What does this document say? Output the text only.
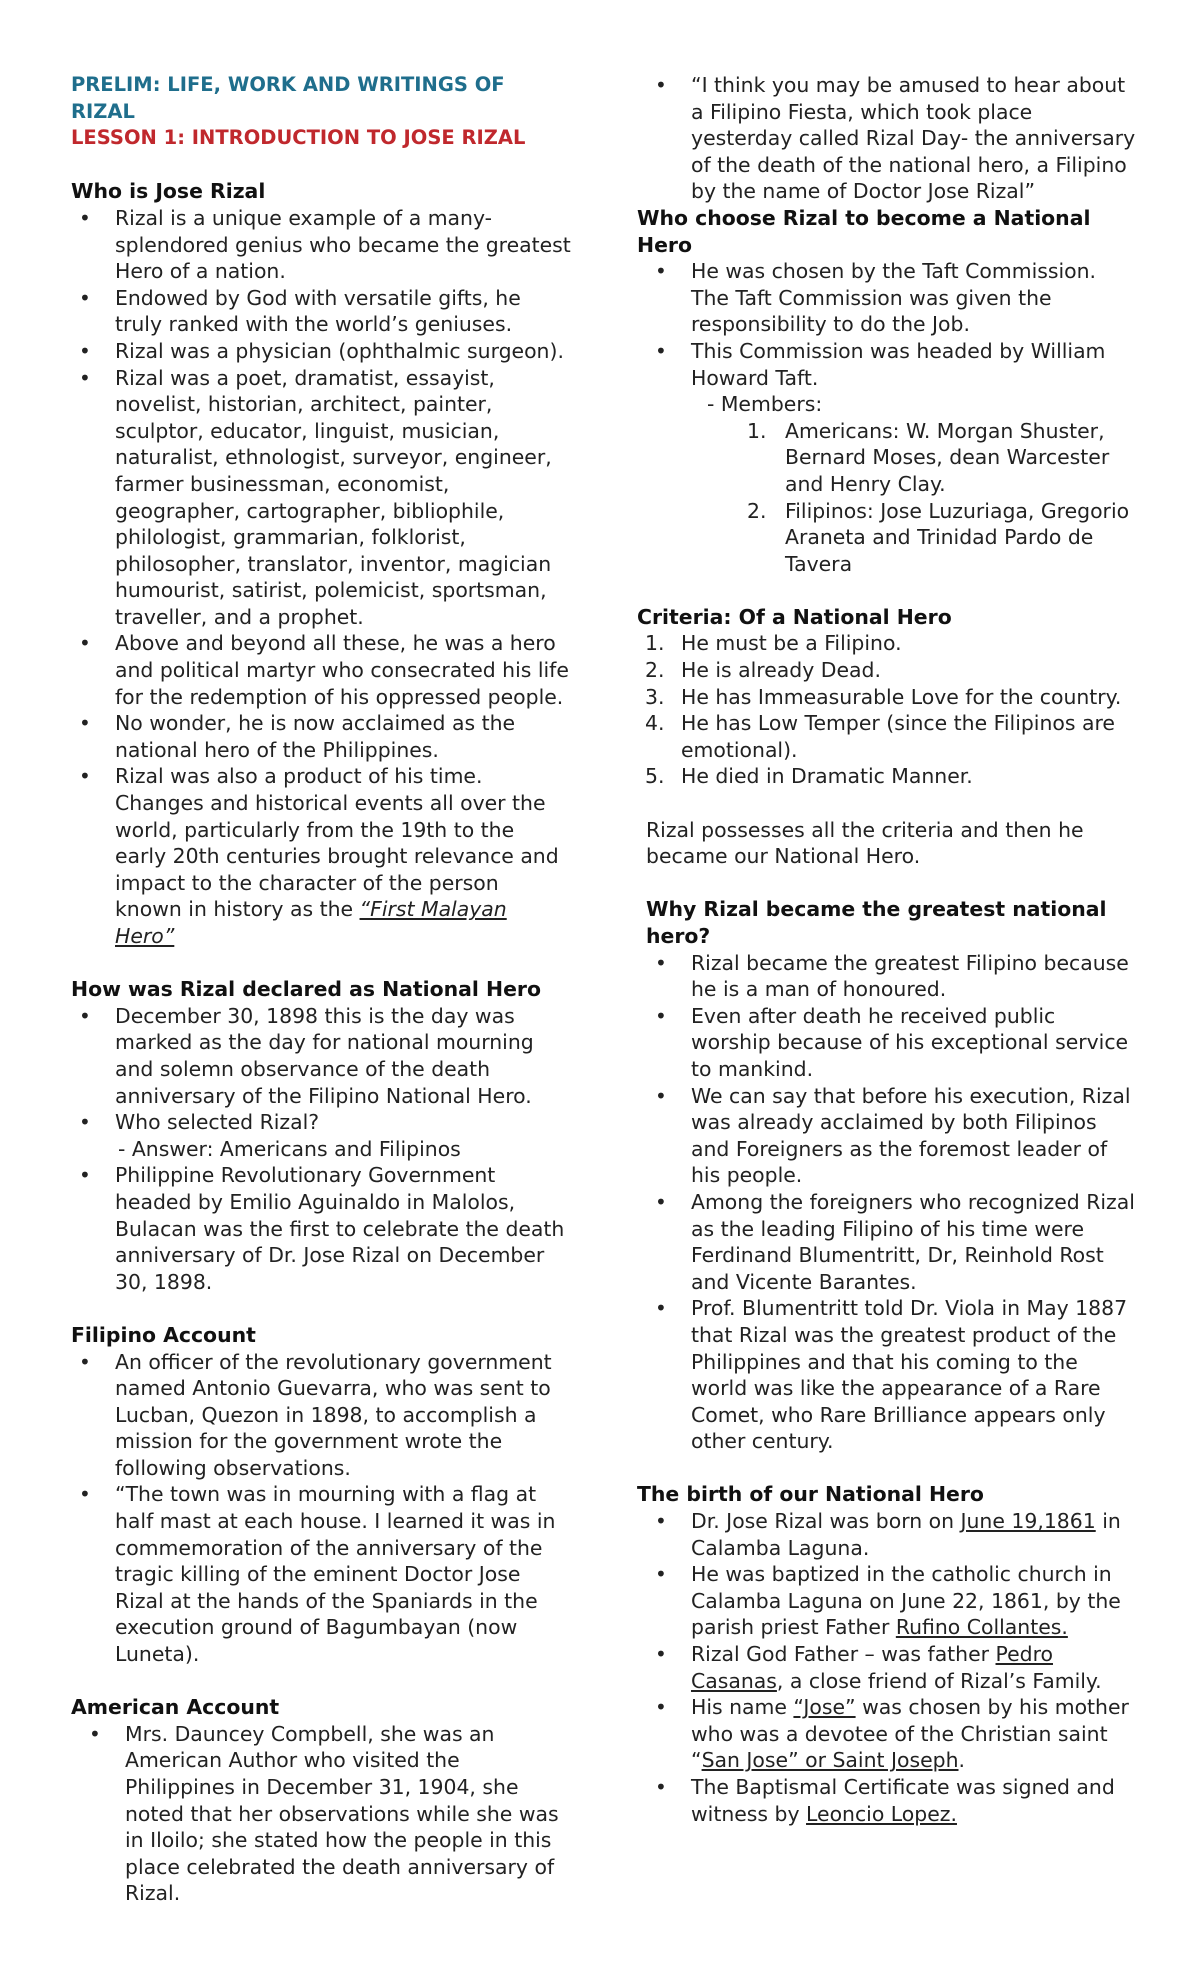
PRELIM: LIFE, WORK AND WRITINGS OF RIZAL
LESSON 1: INTRODUCTION TO JOSE RIZAL
Who is Jose Rizal
• Rizal is a unique example of a many-splendored genius who became the greatest Hero of a nation.
• Endowed by God with versatile gifts, he truly ranked with the world’s geniuses.
• Rizal was a physician (ophthalmic surgeon).
• Rizal was a poet, dramatist, essayist, novelist, historian, architect, painter, sculptor, educator, linguist, musician, naturalist, ethnologist, surveyor, engineer, farmer businessman, economist, geographer, cartographer, bibliophile, philologist, grammarian, folklorist, philosopher, translator, inventor, magician humourist, satirist, polemicist, sportsman, traveller, and a prophet.
• Above and beyond all these, he was a hero and political martyr who consecrated his life for the redemption of his oppressed people.
• No wonder, he is now acclaimed as the national hero of the Philippines.
• Rizal was also a product of his time. Changes and historical events all over the world, particularly from the 19th to the early 20th centuries brought relevance and impact to the character of the person known in history as the “First Malayan Hero”
How was Rizal declared as National Hero
• December 30, 1898 this is the day was marked as the day for national mourning and solemn observance of the death anniversary of the Filipino National Hero.
• Who selected Rizal?
- Answer: Americans and Filipinos
• Philippine Revolutionary Government headed by Emilio Aguinaldo in Malolos, Bulacan was the first to celebrate the death anniversary of Dr. Jose Rizal on December 30, 1898.
Filipino Account
• An officer of the revolutionary government named Antonio Guevarra, who was sent to Lucban, Quezon in 1898, to accomplish a mission for the government wrote the following observations.
• “The town was in mourning with a flag at half mast at each house. I learned it was in commemoration of the anniversary of the tragic killing of the eminent Doctor Jose Rizal at the hands of the Spaniards in the execution ground of Bagumbayan (now Luneta).
American Account
• Mrs. Dauncey Compbell, she was an American Author who visited the Philippines in December 31, 1904, she noted that her observations while she was in Iloilo; she stated how the people in this place celebrated the death anniversary of Rizal.
• “I think you may be amused to hear about a Filipino Fiesta, which took place yesterday called Rizal Day- the anniversary of the death of the national hero, a Filipino by the name of Doctor Jose Rizal”
Who choose Rizal to become a National Hero
• He was chosen by the Taft Commission. The Taft Commission was given the responsibility to do the Job.
• This Commission was headed by William Howard Taft.
- Members:
1. Americans: W. Morgan Shuster, Bernard Moses, dean Warcester and Henry Clay.
2. Filipinos: Jose Luzuriaga, Gregorio Araneta and Trinidad Pardo de Tavera
Criteria: Of a National Hero
1. He must be a Filipino.
2. He is already Dead.
3. He has Immeasurable Love for the country.
4. He has Low Temper (since the Filipinos are emotional).
5. He died in Dramatic Manner.
Rizal possesses all the criteria and then he became our National Hero.
Why Rizal became the greatest national hero?
• Rizal became the greatest Filipino because he is a man of honoured.
• Even after death he received public worship because of his exceptional service to mankind.
• We can say that before his execution, Rizal was already acclaimed by both Filipinos and Foreigners as the foremost leader of his people.
• Among the foreigners who recognized Rizal as the leading Filipino of his time were Ferdinand Blumentritt, Dr, Reinhold Rost and Vicente Barantes.
• Prof. Blumentritt told Dr. Viola in May 1887 that Rizal was the greatest product of the Philippines and that his coming to the world was like the appearance of a Rare Comet, who Rare Brilliance appears only other century.
The birth of our National Hero
• Dr. Jose Rizal was born on June 19,1861 in Calamba Laguna.
• He was baptized in the catholic church in Calamba Laguna on June 22, 1861, by the parish priest Father Rufino Collantes.
• Rizal God Father – was father Pedro Casanas, a close friend of Rizal’s Family.
• His name “Jose” was chosen by his mother who was a devotee of the Christian saint “San Jose” or Saint Joseph.
• The Baptismal Certificate was signed and witness by Leoncio Lopez.
